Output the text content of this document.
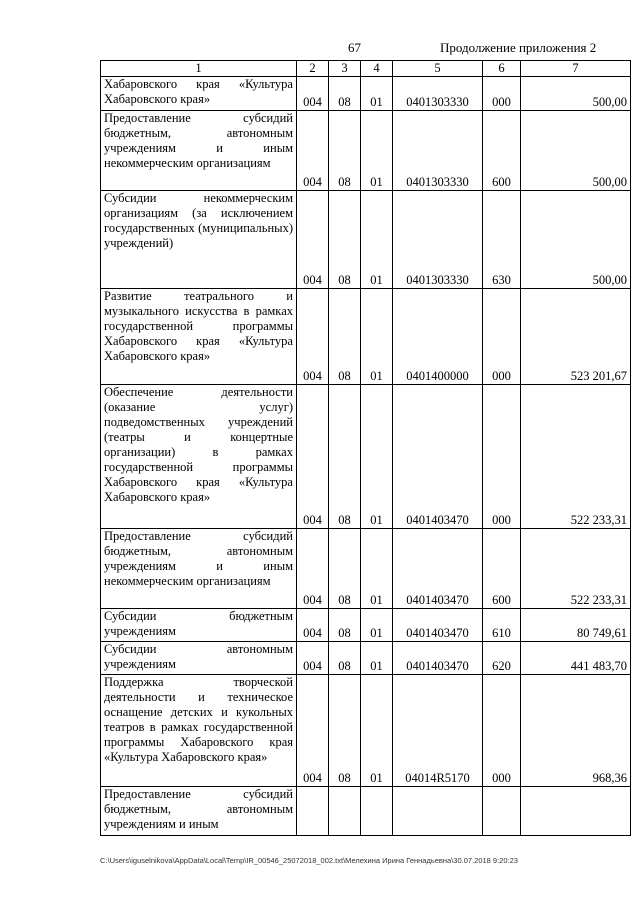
67	Продолжение приложения 2
1	2	3	4	5	6	7
Хабаровского края «Культура Хабаровского края»	004	08	01	0401303330	000	500,00
Предоставление субсидий бюджетным, автономным учреждениям и иным некоммерческим организациям	004	08	01	0401303330	600	500,00
Субсидии некоммерческим организациям (за исключением государственных (муниципальных) учреждений)	004	08	01	0401303330	630	500,00
Развитие театрального и музыкального искусства в рамках государственной программы Хабаровского края «Культура Хабаровского края»	004	08	01	0401400000	000	523 201,67
Обеспечение деятельности (оказание услуг) подведомственных учреждений (театры и концертные организации) в рамках государственной программы Хабаровского края «Культура Хабаровского края»	004	08	01	0401403470	000	522 233,31
Предоставление субсидий бюджетным, автономным учреждениям и иным некоммерческим организациям	004	08	01	0401403470	600	522 233,31
Субсидии бюджетным учреждениям	004	08	01	0401403470	610	80 749,61
Субсидии автономным учреждениям	004	08	01	0401403470	620	441 483,70
Поддержка творческой деятельности и техническое оснащение детских и кукольных театров в рамках государственной программы Хабаровского края «Культура Хабаровского края»	004	08	01	04014R5170	000	968,36
Предоставление субсидий бюджетным, автономным учреждениям и иным						
C:\Users\iguselnikova\AppData\Local\Temp\IR_00546_25072018_002.txt\Мелехина Ирина Геннадьевна\30.07.2018 9:20:23
